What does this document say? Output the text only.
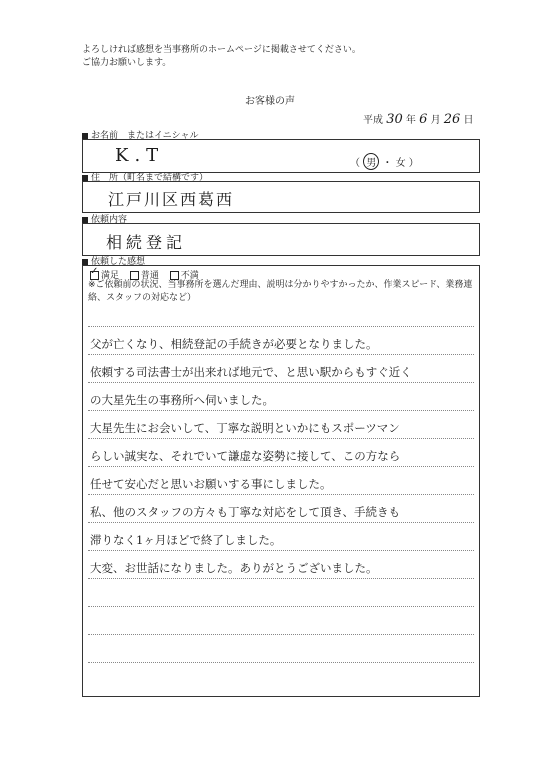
よろしければ感想を当事務所のホームページに掲載させてください。
ご協力お願いします。
お客様の声
平成 30 年 6 月 26 日
お名前　またはイニシャル
K.T	（ 男 ・ 女 ）
住　所（町名まで結構です）
江戸川区西葛西
依頼内容
相続登記
依頼した感想
✓満足 普通 不満
※ご依頼前の状況、当事務所を選んだ理由、説明は分かりやすかったか、作業スピード、業務連絡、スタッフの対応など）
父が亡くなり、相続登記の手続きが必要となりました。
依頼する司法書士が出来れば地元で、と思い駅からもすぐ近く
の大星先生の事務所へ伺いました。
大星先生にお会いして、丁寧な説明といかにもスポーツマン
らしい誠実な、それでいて謙虚な姿勢に接して、この方なら
任せて安心だと思いお願いする事にしました。
私、他のスタッフの方々も丁寧な対応をして頂き、手続きも
滞りなく1ヶ月ほどで終了しました。
大変、お世話になりました。ありがとうございました。
